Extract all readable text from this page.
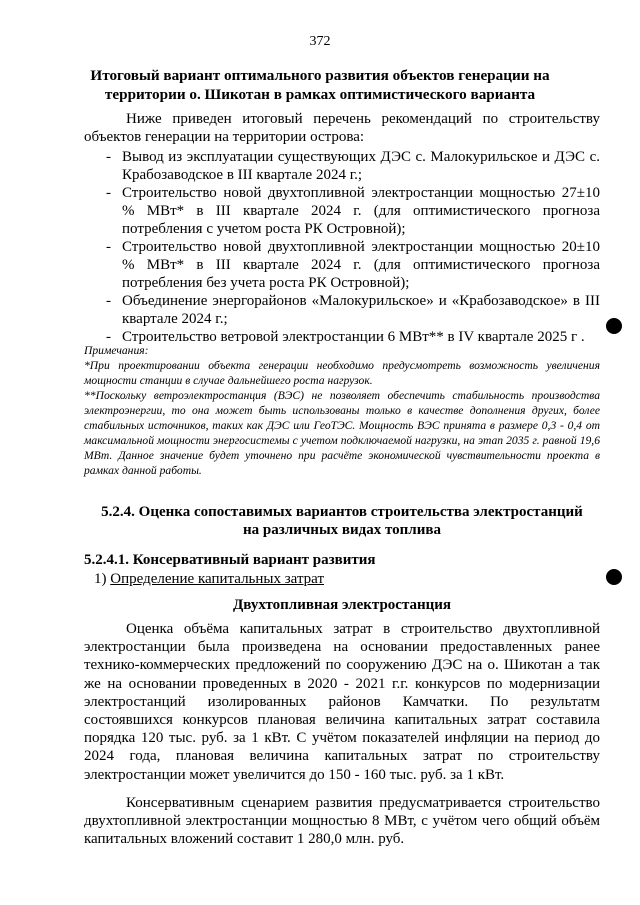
372
Итоговый вариант оптимального развития объектов генерации на
территории о. Шикотан в рамках оптимистического варианта
Ниже приведен итоговый перечень рекомендаций по строительству объектов генерации на территории острова:
- Вывод из эксплуатации существующих ДЭС с. Малокурильское и ДЭС с. Крабозаводское в III квартале 2024 г.;
- Строительство новой двухтопливной электростанции мощностью 27±10 % МВт* в III квартале 2024 г. (для оптимистического прогноза потребления с учетом роста РК Островной);
- Строительство новой двухтопливной электростанции мощностью 20±10 % МВт* в III квартале 2024 г. (для оптимистического прогноза потребления без учета роста РК Островной);
- Объединение энергорайонов «Малокурильское» и «Крабозаводское» в III квартале 2024 г.;
- Строительство ветровой электростанции 6 МВт** в IV квартале 2025 г .

Примечания:

*При проектировании объекта генерации необходимо предусмотреть возможность увеличения мощности станции в случае дальнейшего роста нагрузок.

**Поскольку ветроэлектростанция (ВЭС) не позволяет обеспечить стабильность производства электроэнергии, то она может быть использованы только в качестве дополнения других, более стабильных источников, таких как ДЭС или ГеоТЭС. Мощность ВЭС принята в размере 0,3 - 0,4 от максимальной мощности энергосистемы с учетом подключаемой нагрузки, на этап 2035 г. равной 19,6 МВт. Данное значение будет уточнено при расчёте экономической чувствительности проекта в рамках данной работы.

5.2.4. Оценка сопоставимых вариантов строительства электростанций
на различных видах топлива
5.2.4.1. Консервативный вариант развития
1) Определение капитальных затрат
Двухтопливная электростанция
Оценка объёма капитальных затрат в строительство двухтопливной электростанции была произведена на основании предоставленных ранее технико-коммерческих предложений по сооружению ДЭС на о. Шикотан а так же на основании проведенных в 2020 - 2021 г.г. конкурсов по модернизации электростанций изолированных районов Камчатки. По результатм состоявшихся конкурсов плановая величина капитальных затрат составила порядка 120 тыс. руб. за 1 кВт. С учётом показателей инфляции на период до 2024 года, плановая величина капитальных затрат по строительству электростанции может увеличится до 150 - 160 тыс. руб. за 1 кВт.
Консервативным сценарием развития предусматривается строительство двухтопливной электростанции мощностью 8 МВт, с учётом чего общий объём капитальных вложений составит 1 280,0 млн. руб.
